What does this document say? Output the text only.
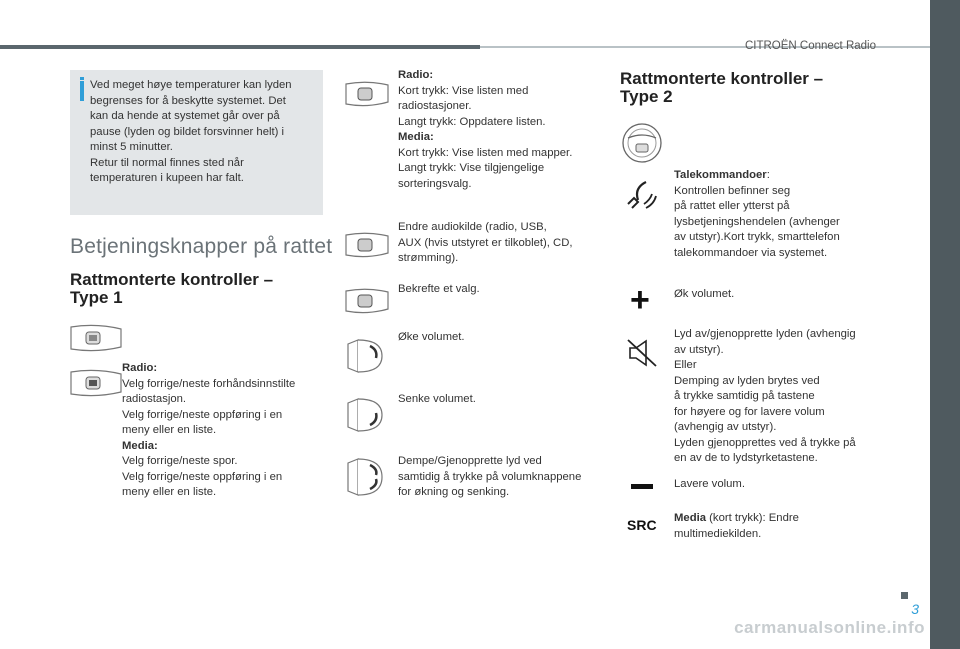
CITROËN Connect Radio
Ved meget høye temperaturer kan lyden
begrenses for å beskytte systemet. Det
kan da hende at systemet går over på
pause (lyden og bildet forsvinner helt) i
minst 5 minutter.
Retur til normal finnes sted når
temperaturen i kupeen har falt.
Betjeningsknapper på rattet
Rattmonterte kontroller –
Type 1
Radio:
Velg forrige/neste forhåndsinnstilte
radiostasjon.
Velg forrige/neste oppføring i en
meny eller en liste.
Media:
Velg forrige/neste spor.
Velg forrige/neste oppføring i en
meny eller en liste.
Radio:
Kort trykk: Vise listen med
radiostasjoner.
Langt trykk: Oppdatere listen.
Media:
Kort trykk: Vise listen med mapper.
Langt trykk: Vise tilgjengelige
sorteringsvalg.
Endre audiokilde (radio, USB,
AUX (hvis utstyret er tilkoblet), CD,
strømming).
Bekrefte et valg.
Øke volumet.
Senke volumet.
Dempe/Gjenopprette lyd ved
samtidig å trykke på volumknappene
for økning og senking.
Rattmonterte kontroller –
Type 2
Talekommandoer:
Kontrollen befinner seg
på rattet eller ytterst på
lysbetjeningshendelen (avhenger
av utstyr).Kort trykk, smarttelefon
talekommandoer via systemet.
+ Øk volumet.
Lyd av/gjenopprette lyden (avhengig
av utstyr).
Eller
Demping av lyden brytes ved
å trykke samtidig på tastene
for høyere og for lavere volum
(avhengig av utstyr).
Lyden gjenopprettes ved å trykke på
en av de to lydstyrketastene.
Lavere volum.
SRC Media (kort trykk): Endre
multimediekilden.
3
carmanualsonline.info
